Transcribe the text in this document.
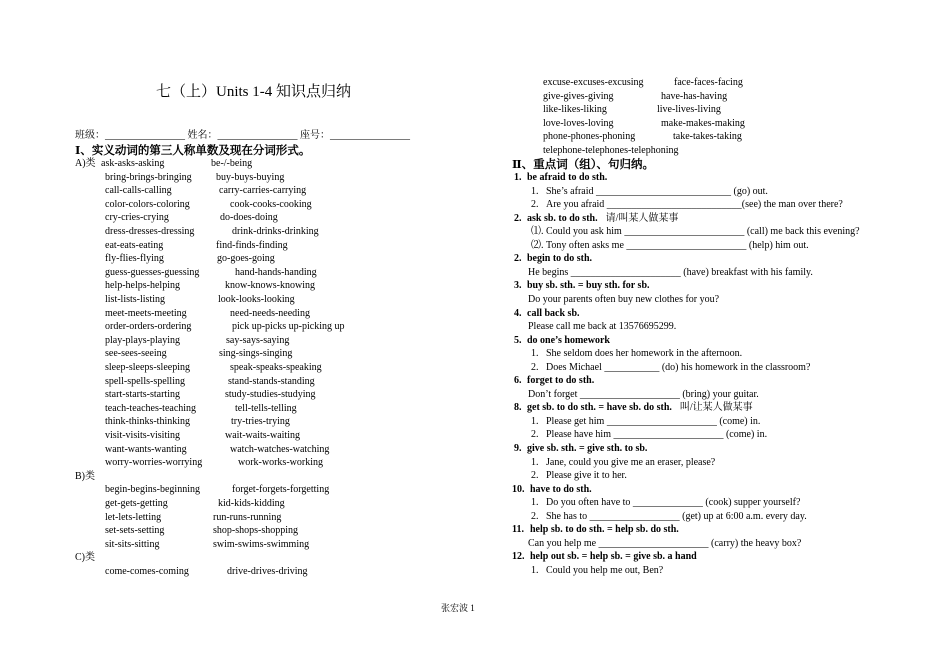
七（上）Units 1-4 知识点归纳
班级：________________ 姓名：________________ 座号：________________
Ⅰ、实义动词的第三人称单数及现在分词形式。
A)类 ask-asks-asking	be-/-being
bring-brings-bringing buy-buys-buying
call-calls-calling	carry-carries-carrying
color-colors-coloring	cook-cooks-cooking
cry-cries-crying	do-does-doing
dress-dresses-dressing	drink-drinks-drinking
eat-eats-eating	find-finds-finding
fly-flies-flying	go-goes-going
guess-guesses-guessing	hand-hands-handing
help-helps-helping	know-knows-knowing
list-lists-listing	look-looks-looking
meet-meets-meeting	need-needs-needing
order-orders-ordering	pick up-picks up-picking up
play-plays-playing	say-says-saying
see-sees-seeing	sing-sings-singing
sleep-sleeps-sleeping	speak-speaks-speaking
spell-spells-spelling	stand-stands-standing
start-starts-starting	study-studies-studying
teach-teaches-teaching	tell-tells-telling
think-thinks-thinking	try-tries-trying
visit-visits-visiting	wait-waits-waiting
want-wants-wanting	watch-watches-watching
worry-worries-worrying	work-works-working
B)类
begin-begins-beginning	forget-forgets-forgetting
get-gets-getting	kid-kids-kidding
let-lets-letting	run-runs-running
set-sets-setting	shop-shops-shopping
sit-sits-sitting	swim-swims-swimming
C)类
come-comes-coming	drive-drives-driving
excuse-excuses-excusing	face-faces-facing
give-gives-giving	have-has-having
like-likes-liking	live-lives-living
love-loves-loving	make-makes-making
phone-phones-phoning	take-takes-taking
telephone-telephones-telephoning
Ⅱ、重点词（组）、句归纳。
1. be afraid to do sth.
1. She’s afraid ___________________________ (go) out.
2. Are you afraid ___________________________(see) the man over there?
2. ask sb. to do sth. 请/叫某人做某事
⑴. Could you ask him ________________________ (call) me back this evening?
⑵. Tony often asks me ________________________ (help) him out.
2. begin to do sth.
He begins ______________________ (have) breakfast with his family.
3. buy sb. sth. = buy sth. for sb.
Do your parents often buy new clothes for you?
4. call back sb.
Please call me back at 13576695299.
5. do one’s homework
1. She seldom does her homework in the afternoon.
2. Does Michael ___________ (do) his homework in the classroom?
6. forget to do sth.
Don’t forget ____________________ (bring) your guitar.
8. get sb. to do sth. = have sb. do sth. 叫/让某人做某事
1. Please get him ______________________ (come) in.
2. Please have him ______________________ (come) in.
9. give sb. sth. = give sth. to sb.
1. Jane, could you give me an eraser, please?
2. Please give it to her.
10. have to do sth.
1. Do you often have to ______________ (cook) supper yourself?
2. She has to __________________ (get) up at 6:00 a.m. every day.
11. help sb. to do sth. = help sb. do sth.
Can you help me ______________________ (carry) the heavy box?
12. help out sb. = help sb. = give sb. a hand
1. Could you help me out, Ben?
张宏波 1
